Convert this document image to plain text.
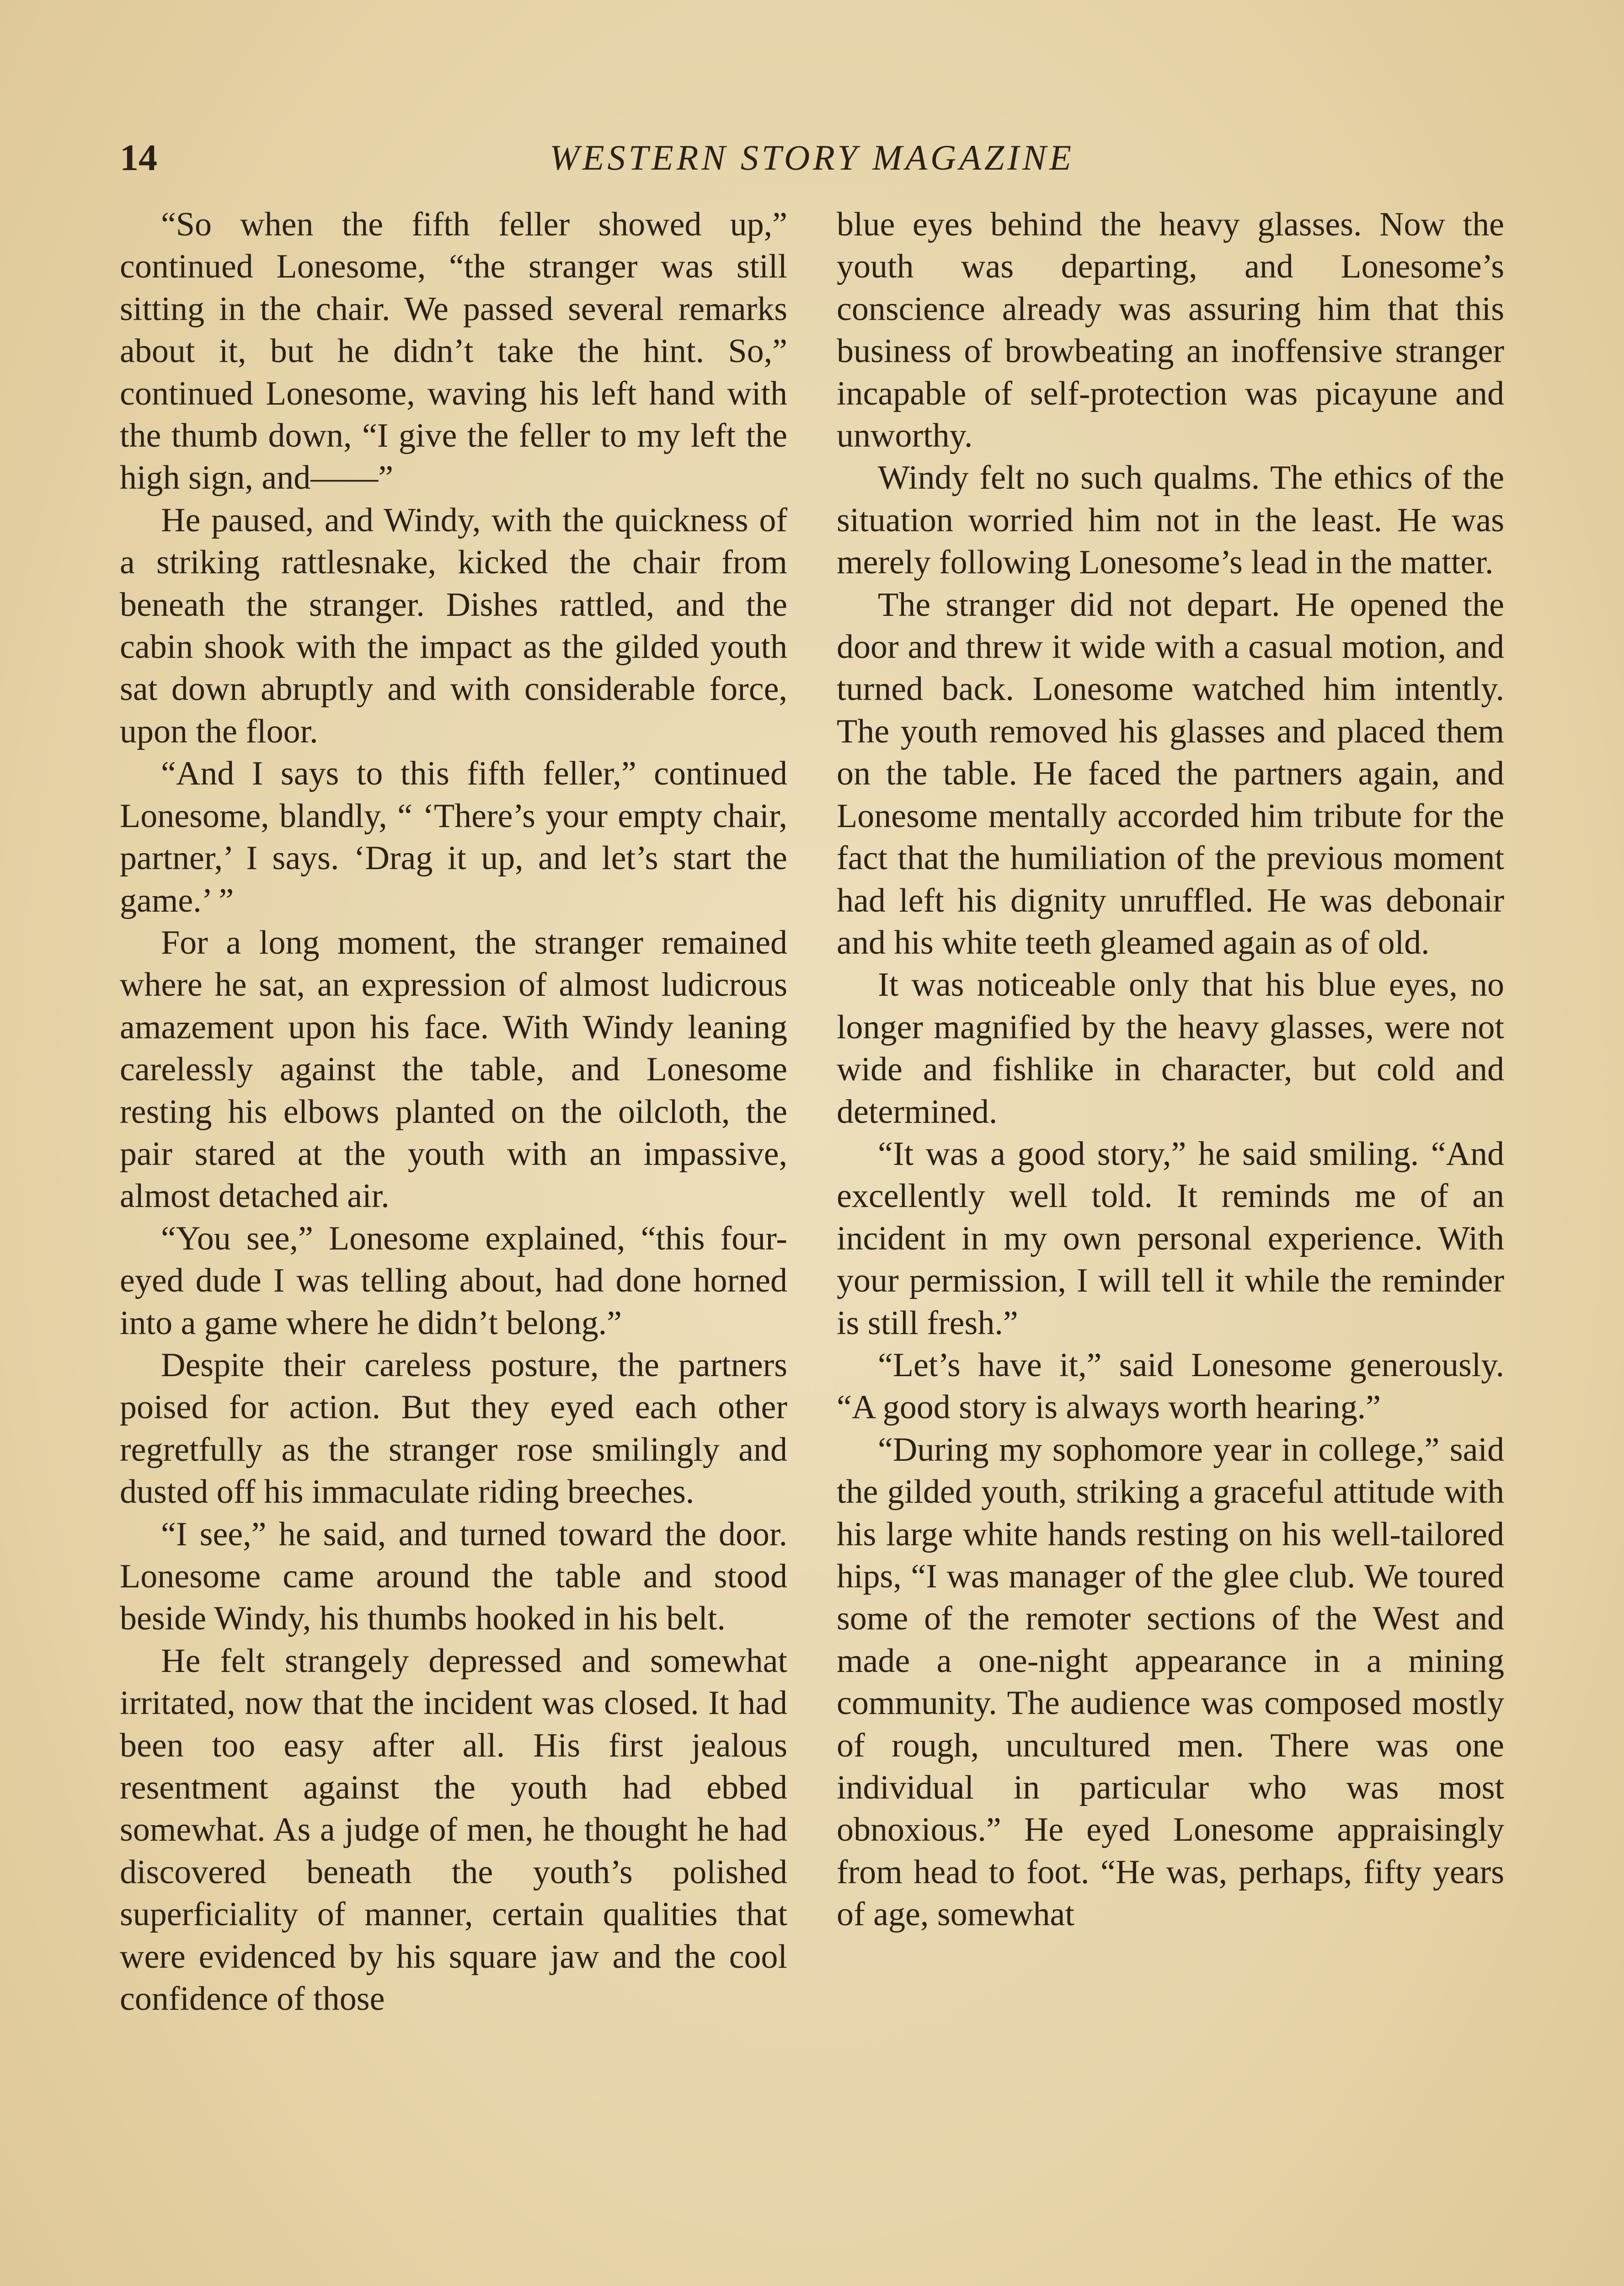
14	WESTERN STORY MAGAZINE

“So when the fifth feller showed up,” continued Lonesome, “the stranger was still sitting in the chair. We passed several remarks about it, but he didn’t take the hint. So,” continued Lonesome, waving his left hand with the thumb down, “I give the feller to my left the high sign, and——”

He paused, and Windy, with the quickness of a striking rattlesnake, kicked the chair from beneath the stranger. Dishes rattled, and the cabin shook with the impact as the gilded youth sat down abruptly and with considerable force, upon the floor.

“And I says to this fifth feller,” continued Lonesome, blandly, “ ‘There’s your empty chair, partner,’ I says. ‘Drag it up, and let’s start the game.’ ”

For a long moment, the stranger remained where he sat, an expression of almost ludicrous amazement upon his face. With Windy leaning carelessly against the table, and Lonesome resting his elbows planted on the oilcloth, the pair stared at the youth with an impassive, almost detached air.

“You see,” Lonesome explained, “this four-eyed dude I was telling about, had done horned into a game where he didn’t belong.”

Despite their careless posture, the partners poised for action. But they eyed each other regretfully as the stranger rose smilingly and dusted off his immaculate riding breeches.

“I see,” he said, and turned toward the door. Lonesome came around the table and stood beside Windy, his thumbs hooked in his belt.

He felt strangely depressed and somewhat irritated, now that the incident was closed. It had been too easy after all. His first jealous resentment against the youth had ebbed somewhat. As a judge of men, he thought he had discovered beneath the youth’s polished superficiality of manner, certain qualities that were evidenced by his square jaw and the cool confidence of those

blue eyes behind the heavy glasses. Now the youth was departing, and Lonesome’s conscience already was assuring him that this business of browbeating an inoffensive stranger incapable of self-protection was picayune and unworthy.

Windy felt no such qualms. The ethics of the situation worried him not in the least. He was merely following Lonesome’s lead in the matter.

The stranger did not depart. He opened the door and threw it wide with a casual motion, and turned back. Lonesome watched him intently. The youth removed his glasses and placed them on the table. He faced the partners again, and Lonesome mentally accorded him tribute for the fact that the humiliation of the previous moment had left his dignity unruffled. He was debonair and his white teeth gleamed again as of old.

It was noticeable only that his blue eyes, no longer magnified by the heavy glasses, were not wide and fishlike in character, but cold and determined.

“It was a good story,” he said smiling. “And excellently well told. It reminds me of an incident in my own personal experience. With your permission, I will tell it while the reminder is still fresh.”

“Let’s have it,” said Lonesome generously. “A good story is always worth hearing.”

“During my sophomore year in college,” said the gilded youth, striking a graceful attitude with his large white hands resting on his well-tailored hips, “I was manager of the glee club. We toured some of the remoter sections of the West and made a one-night appearance in a mining community. The audience was composed mostly of rough, uncultured men. There was one individual in particular who was most obnoxious.” He eyed Lonesome appraisingly from head to foot. “He was, perhaps, fifty years of age, somewhat
